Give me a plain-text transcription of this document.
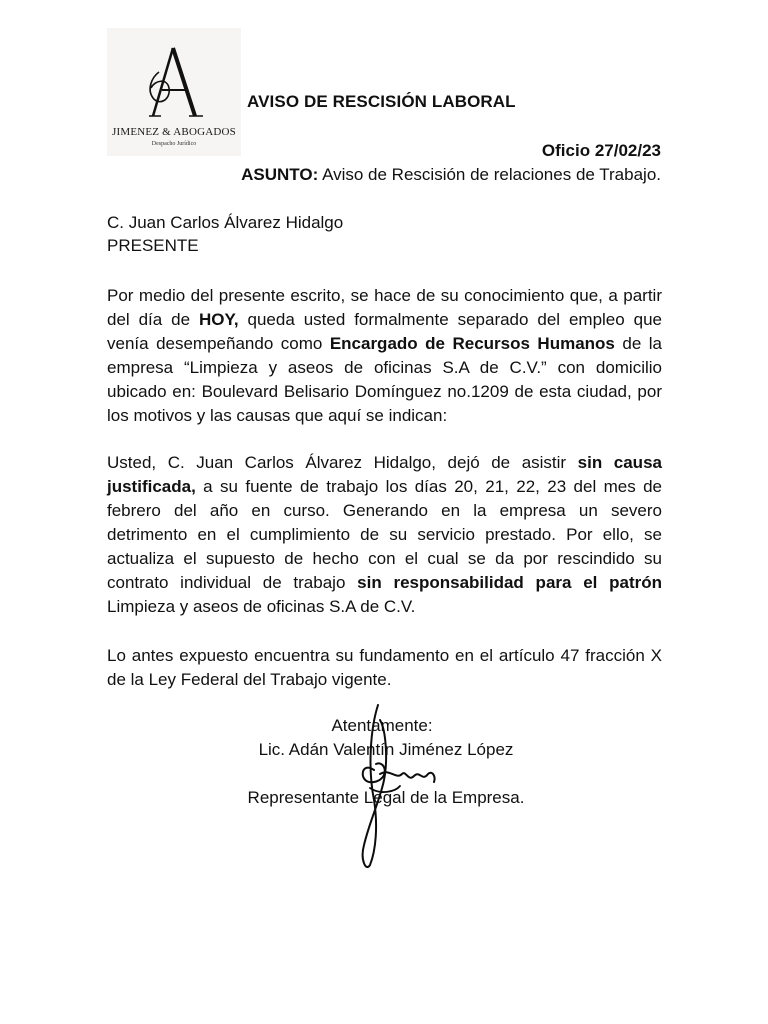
JIMENEZ & ABOGADOS
Despacho Jurídico
AVISO DE RESCISIÓN LABORAL
Oficio 27/02/23
ASUNTO: Aviso de Rescisión de relaciones de Trabajo.
C. Juan Carlos Álvarez Hidalgo
PRESENTE
Por medio del presente escrito, se hace de su conocimiento que, a partir del día de HOY, queda usted formalmente separado del empleo que venía desempeñando como Encargado de Recursos Humanos de la empresa “Limpieza y aseos de oficinas S.A de C.V.” con domicilio ubicado en: Boulevard Belisario Domínguez no.1209 de esta ciudad, por los motivos y las causas que aquí se indican:
Usted, C. Juan Carlos Álvarez Hidalgo, dejó de asistir sin causa justificada, a su fuente de trabajo los días 20, 21, 22, 23 del mes de febrero del año en curso. Generando en la empresa un severo detrimento en el cumplimiento de su servicio prestado. Por ello, se actualiza el supuesto de hecho con el cual se da por rescindido su contrato individual de trabajo sin responsabilidad para el patrón Limpieza y aseos de oficinas S.A de C.V.
Lo antes expuesto encuentra su fundamento en el artículo 47 fracción X de la Ley Federal del Trabajo vigente.
Atentamente:
Lic. Adán Valentín Jiménez López
Representante Legal de la Empresa.
